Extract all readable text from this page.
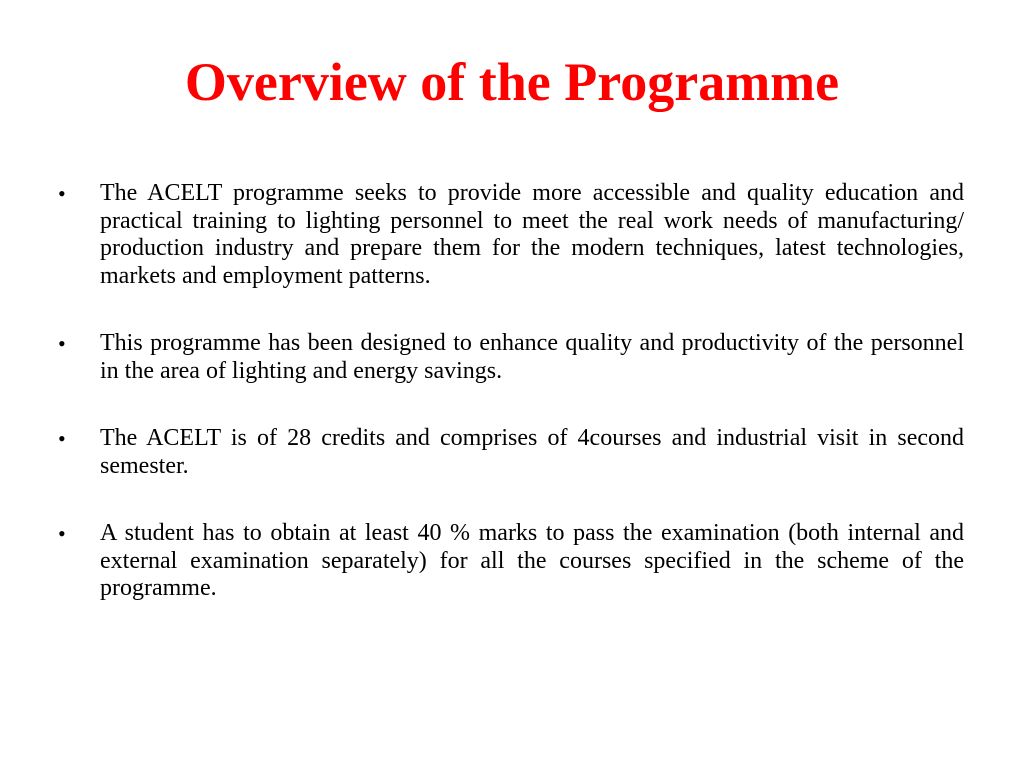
Overview of the Programme
• The ACELT programme seeks to provide more accessible and quality education and practical training to lighting personnel to meet the real work needs of manufacturing/ production industry and prepare them for the modern techniques, latest technologies, markets and employment patterns.
• This programme has been designed to enhance quality and productivity of the personnel in the area of lighting and energy savings.
• The ACELT is of 28 credits and comprises of 4courses and industrial visit in second semester.
• A student has to obtain at least 40 % marks to pass the examination (both internal and external examination separately) for all the courses specified in the scheme of the programme.
